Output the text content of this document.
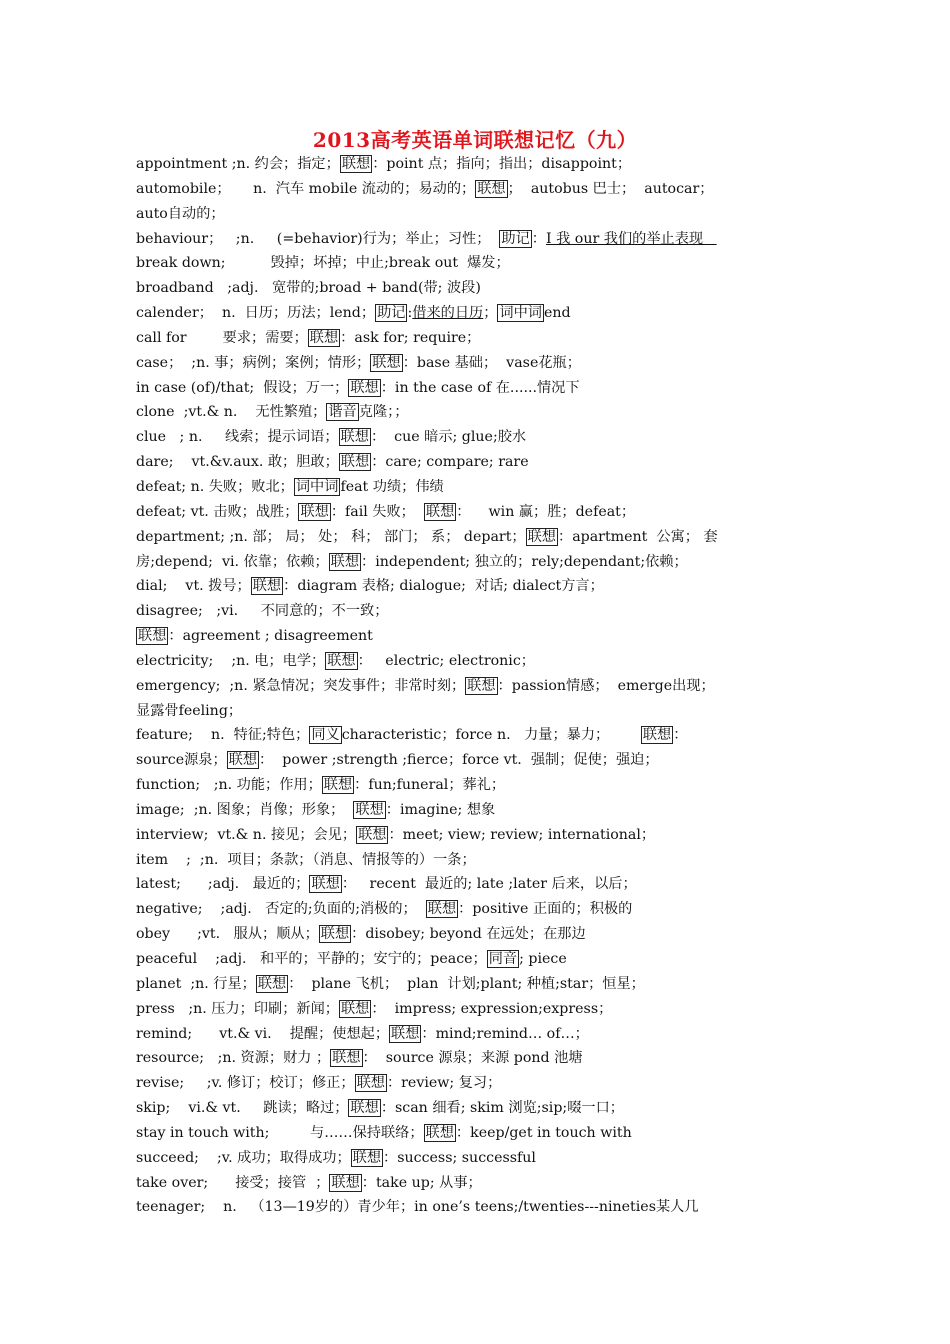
2013高考英语单词联想记忆（九）
appointment ;n. 约会；指定； 联想 ：point 点；指向；指出；disappoint；
automobile；     n.  汽车 mobile 流动的；易动的； 联想 ；  autobus 巴士；  autocar；
auto自动的；
behaviour；   ;n.     (=behavior)行为；举止；习性；  助记 ：I 我 our 我们的举止表现
break down;          毁掉；坏掉；中止;break out  爆发；
broadband   ;adj.   宽带的;broad + band(带; 波段)
calender；  n.  日历；历法；lend； 助记 :借来的日历； 词中词 end
call for        要求；需要； 联想 ：ask for; require；
case；  ;n. 事；病例；案例；情形； 联想 ：base 基础；  vase花瓶；
in case (of)/that;  假设；万一； 联想 ：in the case of 在......情况下
clone  ;vt.& n.    无性繁殖； 谐音 克隆；；
clue   ; n.     线索；提示词语； 联想 ：  cue 暗示; glue;胶水
dare;    vt.&v.aux. 敢；胆敢； 联想 ：care; compare; rare
defeat; n. 失败；败北； 词中词 feat 功绩；伟绩
defeat; vt. 击败；战胜； 联想 ：fail 失败；  联想 ：    win 赢；胜；defeat；
department; ;n. 部； 局； 处； 科； 部门； 系； depart； 联想 ：apartment  公寓； 套
房;depend;  vi. 依靠；依赖； 联想 ：independent; 独立的；rely;dependant;依赖；
dial;    vt. 拨号； 联想 ：diagram 表格; dialogue;  对话; dialect方言；
disagree;   ;vi.     不同意的；不一致；
联想 ：agreement ; disagreement
electricity;    ;n. 电；电学； 联想 ：   electric; electronic；
emergency;  ;n. 紧急情况；突发事件；非常时刻； 联想 ：passion情感；  emerge出现；
显露骨feeling；
feature;    n.  特征;特色； 同义 characteristic；force n.   力量；暴力；       联想 ：
source源泉； 联想 ：  power ;strength ;fierce；force vt.  强制；促使；强迫；
function;   ;n. 功能；作用； 联想 ：fun;funeral；葬礼；
image;  ;n. 图象；肖像；形象；  联想 ：imagine; 想象
interview;  vt.& n. 接见；会见； 联想 ：meet; view; review; international；
item    ;  ;n.  项目；条款；（消息、情报等的）一条；
latest;      ;adj.   最近的； 联想 ：   recent  最近的; late ;later 后来，以后；
negative;    ;adj.   否定的;负面的;消极的；  联想 ：positive 正面的；积极的
obey      ;vt.   服从；顺从； 联想 ：disobey; beyond 在远处；在那边
peaceful    ;adj.   和平的；平静的；安宁的；peace； 同音 ; piece
planet  ;n. 行星； 联想 ：  plane 飞机；  plan  计划;plant; 种植;star；恒星；
press   ;n. 压力；印刷；新闻； 联想 ：  impress; expression;express；
remind;      vt.& vi.    提醒；使想起； 联想 ：mind;remind… of…；
resource;   ;n. 资源；财力 ； 联想 ：  source 源泉；来源 pond 池塘
revise;     ;v. 修订；校订；修正； 联想 ：review; 复习；
skip;    vi.& vt.     跳读；略过； 联想 ：scan 细看; skim 浏览;sip;啜一口；
stay in touch with;         与……保持联络； 联想 ：keep/get in touch with
succeed;    ;v. 成功；取得成功； 联想 ：success; successful
take over;      接受；接管  ； 联想 ：take up; 从事；
teenager;    n.   （13—19岁的）青少年；in one’s teens;/twenties---nineties某人几
